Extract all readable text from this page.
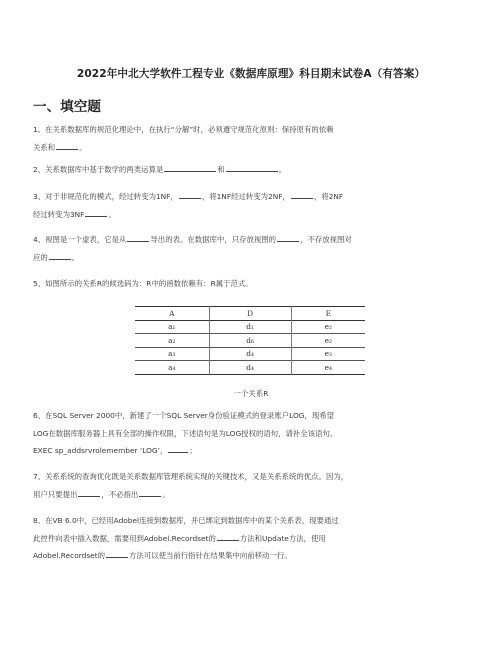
2022年中北大学软件工程专业《数据库原理》科目期末试卷A（有答案）
一、填空题
1、在关系数据库的规范化理论中，在执行“分解”时，必须遵守规范化原则：保持原有的依赖
关系和	。
2、关系数据库中基于数学的两类运算是	和	。
3、对于非规范化的模式，经过转变为1NF，	，将1NF经过转变为2NF，	，将2NF
经过转变为3NF	。
4、视图是一个虚表，它是从	导出的表。在数据库中，只存放视图的	，不存放视图对
应的	。
5、如图所示的关系R的候选码为：R中的函数依赖有：R属于范式。
A	D	E
a₁	d₁	e₂
a₂	d₆	e₂
a₃	d₄	e₃
a₄	d₄	e₄
一个关系R
6、在SQL Server 2000中，新建了一个SQL Server身份验证模式的登录账户LOG，现希望
LOG在数据库服务器上具有全部的操作权限，下述语句是为LOG授权的语句，请补全该语句。
EXEC sp_addsrvrolemember ‘LOG’，	；
7、关系系统的查询优化既是关系数据库管理系统实现的关键技术，又是关系系统的优点。因为，
用户只要提出	，不必指出	。
8、在VB 6.0中，已经用Adobel连接到数据库，并已绑定到数据库中的某个关系表，现要通过
此控件向表中插入数据，需要用到Adobel.Recordset的	方法和Update方法，使用
Adobel.Recordset的	方法可以使当前行指针在结果集中向前移动一行。
